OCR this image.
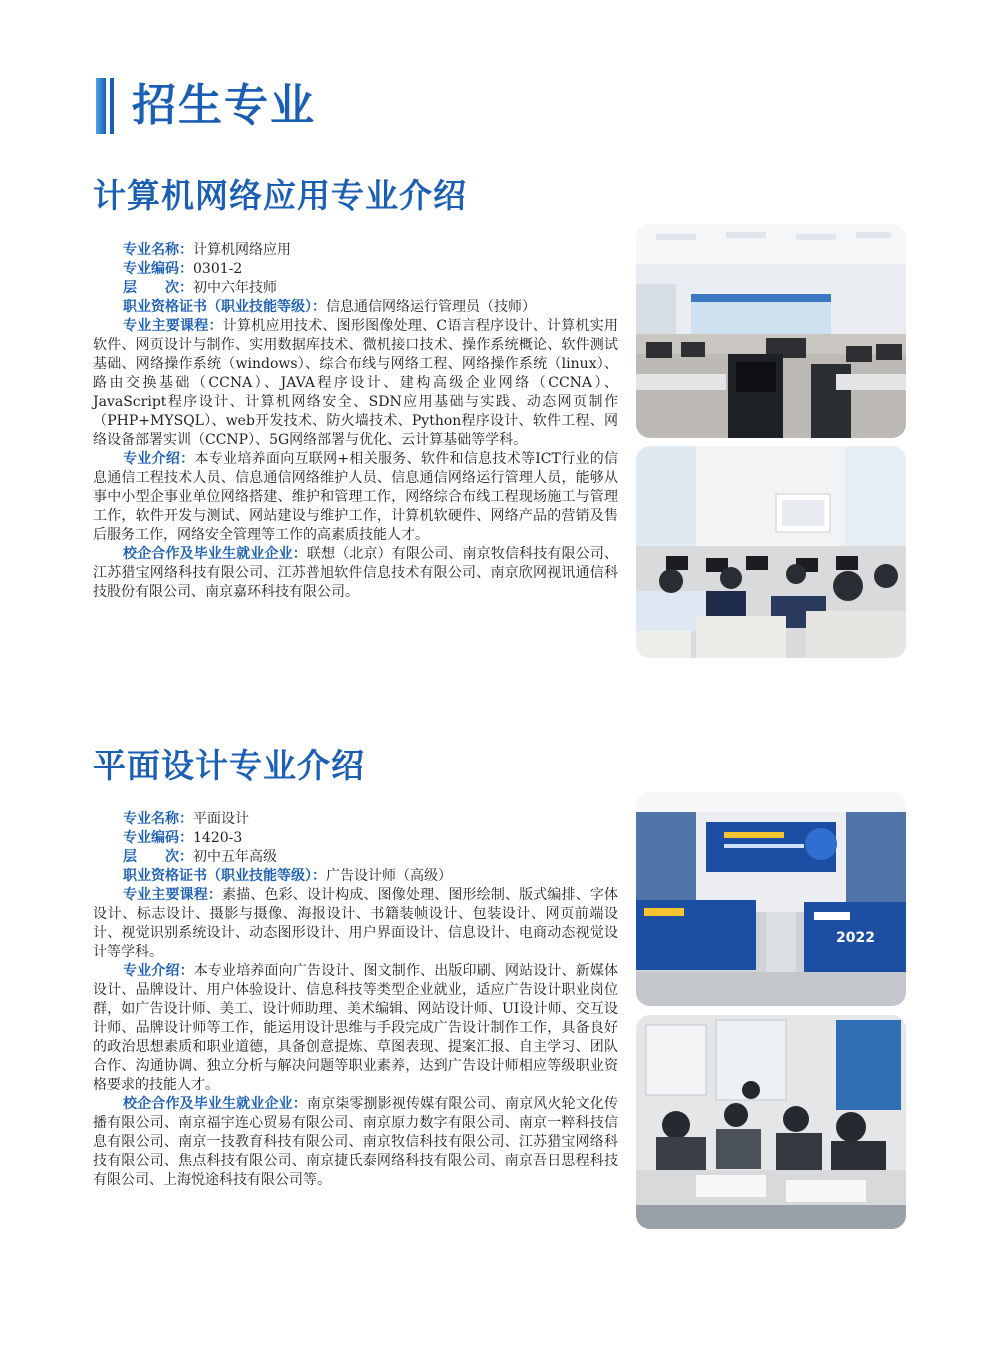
招生专业
计算机网络应用专业介绍
专业名称：计算机网络应用
专业编码：0301-2
层　　次：初中六年技师
职业资格证书（职业技能等级）：信息通信网络运行管理员（技师）
专业主要课程：计算机应用技术、图形图像处理、C语言程序设计、计算机实用软件、网页设计与制作、实用数据库技术、微机接口技术、操作系统概论、软件测试基础、网络操作系统（windows）、综合布线与网络工程、网络操作系统（linux）、路由交换基础（CCNA）、JAVA程序设计、建构高级企业网络（CCNA）、JavaScript程序设计、计算机网络安全、SDN应用基础与实践、动态网页制作（PHP+MYSQL）、web开发技术、防火墙技术、Python程序设计、软件工程、网络设备部署实训（CCNP）、5G网络部署与优化、云计算基础等学科。
专业介绍：本专业培养面向互联网+相关服务、软件和信息技术等ICT行业的信息通信工程技术人员、信息通信网络维护人员、信息通信网络运行管理人员，能够从事中小型企事业单位网络搭建、维护和管理工作，网络综合布线工程现场施工与管理工作，软件开发与测试、网站建设与维护工作，计算机软硬件、网络产品的营销及售后服务工作，网络安全管理等工作的高素质技能人才。
校企合作及毕业生就业企业：联想（北京）有限公司、南京牧信科技有限公司、江苏猎宝网络科技有限公司、江苏普旭软件信息技术有限公司、南京欣网视讯通信科技股份有限公司、南京嘉环科技有限公司。
平面设计专业介绍
专业名称：平面设计
专业编码：1420-3
层　　次：初中五年高级
职业资格证书（职业技能等级）：广告设计师（高级）
专业主要课程：素描、色彩、设计构成、图像处理、图形绘制、版式编排、字体设计、标志设计、摄影与摄像、海报设计、书籍装帧设计、包装设计、网页前端设计、视觉识别系统设计、动态图形设计、用户界面设计、信息设计、电商动态视觉设计等学科。
专业介绍：本专业培养面向广告设计、图文制作、出版印刷、网站设计、新媒体设计、品牌设计、用户体验设计、信息科技等类型企业就业，适应广告设计职业岗位群，如广告设计师、美工、设计师助理、美术编辑、网站设计师、UI设计师、交互设计师、品牌设计师等工作，能运用设计思维与手段完成广告设计制作工作，具备良好的政治思想素质和职业道德，具备创意提炼、草图表现、提案汇报、自主学习、团队合作、沟通协调、独立分析与解决问题等职业素养，达到广告设计师相应等级职业资格要求的技能人才。
校企合作及毕业生就业企业：南京柒零捌影视传媒有限公司、南京风火轮文化传播有限公司、南京福宇连心贸易有限公司、南京原力数字有限公司、南京一粹科技信息有限公司、南京一技教育科技有限公司、南京牧信科技有限公司、江苏猎宝网络科技有限公司、焦点科技有限公司、南京捷氏泰网络科技有限公司、南京吾日思程科技有限公司、上海悦途科技有限公司等。
2022
